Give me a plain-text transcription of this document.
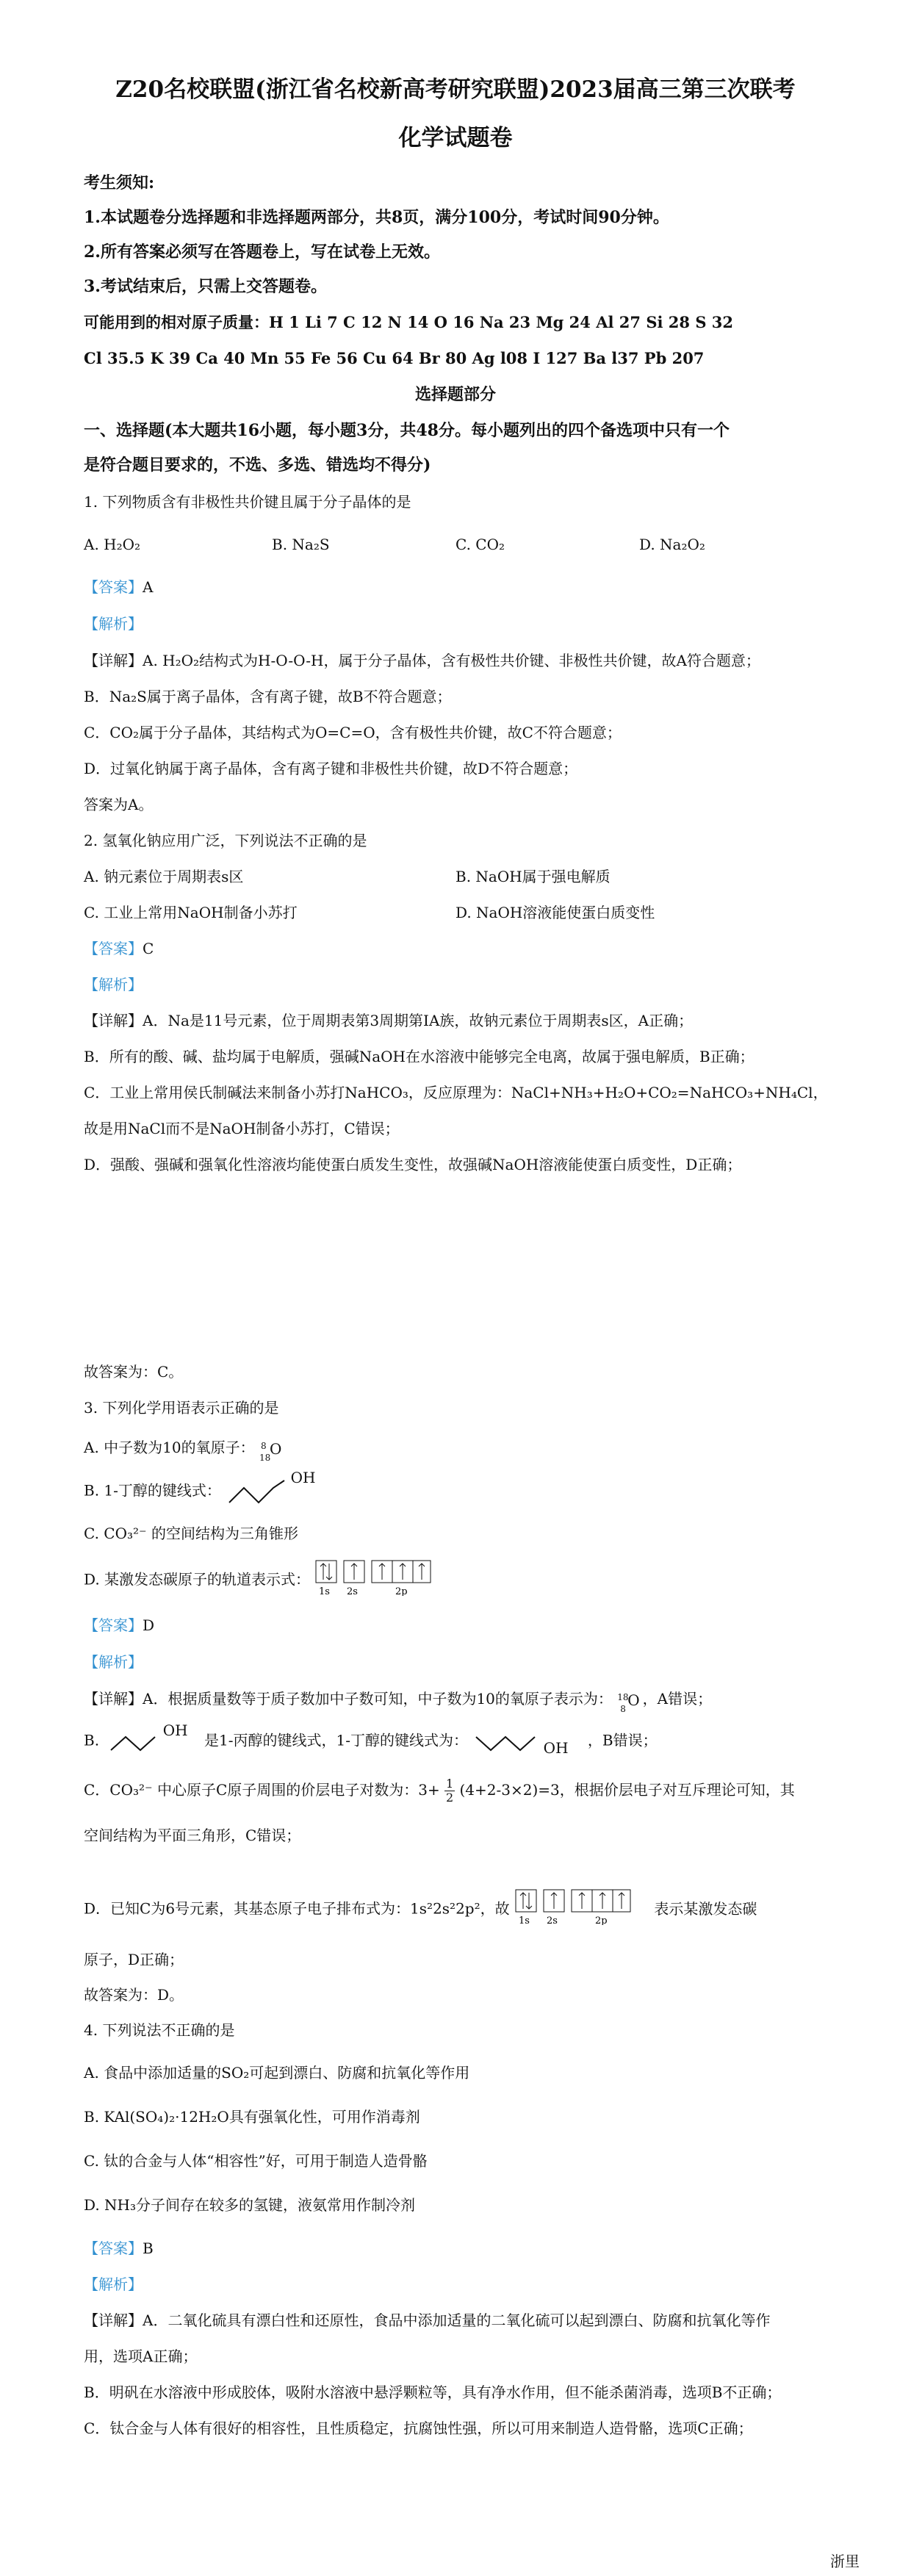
Z20名校联盟(浙江省名校新高考研究联盟)2023届高三第三次联考
化学试题卷
考生须知:
1.本试题卷分选择题和非选择题两部分，共8页，满分100分，考试时间90分钟。
2.所有答案必须写在答题卷上，写在试卷上无效。
3.考试结束后，只需上交答题卷。
可能用到的相对原子质量：H 1 Li 7 C 12 N 14 O 16 Na 23 Mg 24 Al 27 Si 28 S 32
Cl 35.5 K 39 Ca 40 Mn 55 Fe 56 Cu 64 Br 80 Ag l08 I 127 Ba l37 Pb 207
选择题部分
一、选择题(本大题共16小题，每小题3分，共48分。每小题列出的四个备选项中只有一个
是符合题目要求的，不选、多选、错选均不得分)
1. 下列物质含有非极性共价键且属于分子晶体的是
A. H₂O₂	B. Na₂S	C. CO₂	D. Na₂O₂
【答案】A
【解析】
【详解】A. H₂O₂结构式为H-O-O-H，属于分子晶体，含有极性共价键、非极性共价键，故A符合题意；
B．Na₂S属于离子晶体，含有离子键，故B不符合题意；
C．CO₂属于分子晶体，其结构式为O=C=O，含有极性共价键，故C不符合题意；
D．过氧化钠属于离子晶体，含有离子键和非极性共价键，故D不符合题意；
答案为A。
2. 氢氧化钠应用广泛，下列说法不正确的是
A. 钠元素位于周期表s区	B. NaOH属于强电解质
C. 工业上常用NaOH制备小苏打	D. NaOH溶液能使蛋白质变性
【答案】C
【解析】
【详解】A．Na是11号元素，位于周期表第3周期第IA族，故钠元素位于周期表s区，A正确；
B．所有的酸、碱、盐均属于电解质，强碱NaOH在水溶液中能够完全电离，故属于强电解质，B正确；
C．工业上常用侯氏制碱法来制备小苏打NaHCO₃，反应原理为：NaCl+NH₃+H₂O+CO₂=NaHCO₃+NH₄Cl，
故是用NaCl而不是NaOH制备小苏打，C错误；
D．强酸、强碱和强氧化性溶液均能使蛋白质发生变性，故强碱NaOH溶液能使蛋白质变性，D正确；
故答案为：C。
3. 下列化学用语表示正确的是
A. 中子数为10的氧原子： 8
18
O
B. 1-丁醇的键线式：  OH
C. CO₃²⁻ 的空间结构为三角锥形
D. 某激发态碳原子的轨道表示式：
1s 2s	2p
【答案】D
【解析】
【详解】A．根据质量数等于质子数加中子数可知，中子数为10的氧原子表示为： 18
8 O ，A错误；
B.  OH 是1-丙醇的键线式，1-丁醇的键线式为：	OH ，B错误；
C．CO₃²⁻ 中心原子C原子周围的价层电子对数为：$3+ \frac{1}{2} (4+2-3\times 2)=3$，根据价层电子对互斥理论可知，其
空间结构为平面三角形，C错误；
D．已知C为6号元素，其基态原子电子排布式为：1s²2s²2p²，故
1s 2s	2p
表示某激发态碳
原子，D正确；
故答案为：D。
4. 下列说法不正确的是
A. 食品中添加适量的SO₂可起到漂白、防腐和抗氧化等作用
B. KAl(SO₄)₂·12H₂O具有强氧化性，可用作消毒剂
C. 钛的合金与人体“相容性”好，可用于制造人造骨骼
D. NH₃分子间存在较多的氢键，液氨常用作制冷剂
【答案】B
【解析】
【详解】A．二氧化硫具有漂白性和还原性，食品中添加适量的二氧化硫可以起到漂白、防腐和抗氧化等作
用，选项A正确；
B．明矾在水溶液中形成胶体，吸附水溶液中悬浮颗粒等，具有净水作用，但不能杀菌消毒，选项B不正确；
C．钛合金与人体有很好的相容性，且性质稳定，抗腐蚀性强，所以可用来制造人造骨骼，选项C正确；
浙里
